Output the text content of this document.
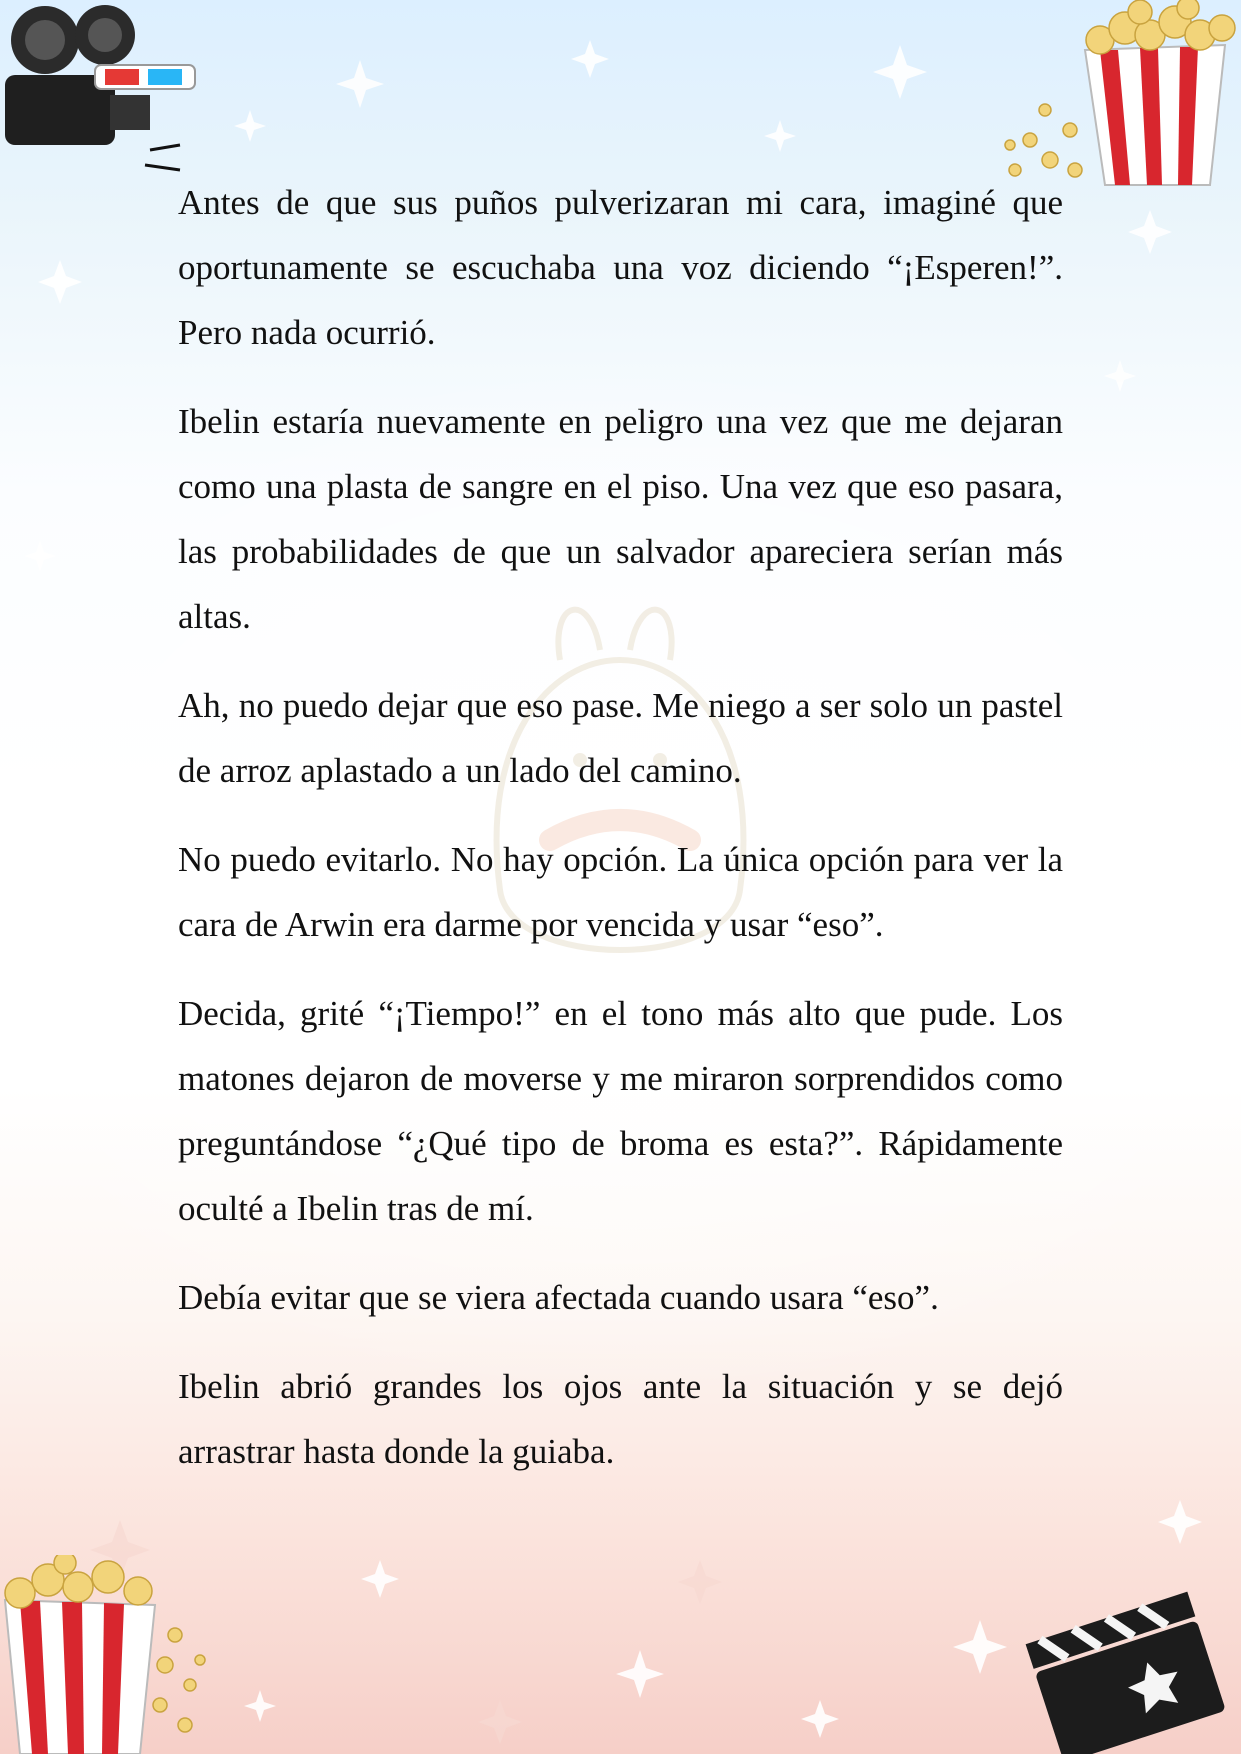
Antes de que sus puños pulverizaran mi cara, imaginé que oportunamente se escuchaba una voz diciendo “¡Esperen!”. Pero nada ocurrió.

Ibelin estaría nuevamente en peligro una vez que me dejaran como una plasta de sangre en el piso. Una vez que eso pasara, las probabilidades de que un salvador apareciera serían más altas.

Ah, no puedo dejar que eso pase. Me niego a ser solo un pastel de arroz aplastado a un lado del camino.

No puedo evitarlo. No hay opción. La única opción para ver la cara de Arwin era darme por vencida y usar “eso”.

Decida, grité “¡Tiempo!” en el tono más alto que pude. Los matones dejaron de moverse y me miraron sorprendidos como preguntándose “¿Qué tipo de broma es esta?”. Rápidamente oculté a Ibelin tras de mí.

Debía evitar que se viera afectada cuando usara “eso”.

Ibelin abrió grandes los ojos ante la situación y se dejó arrastrar hasta donde la guiaba.
